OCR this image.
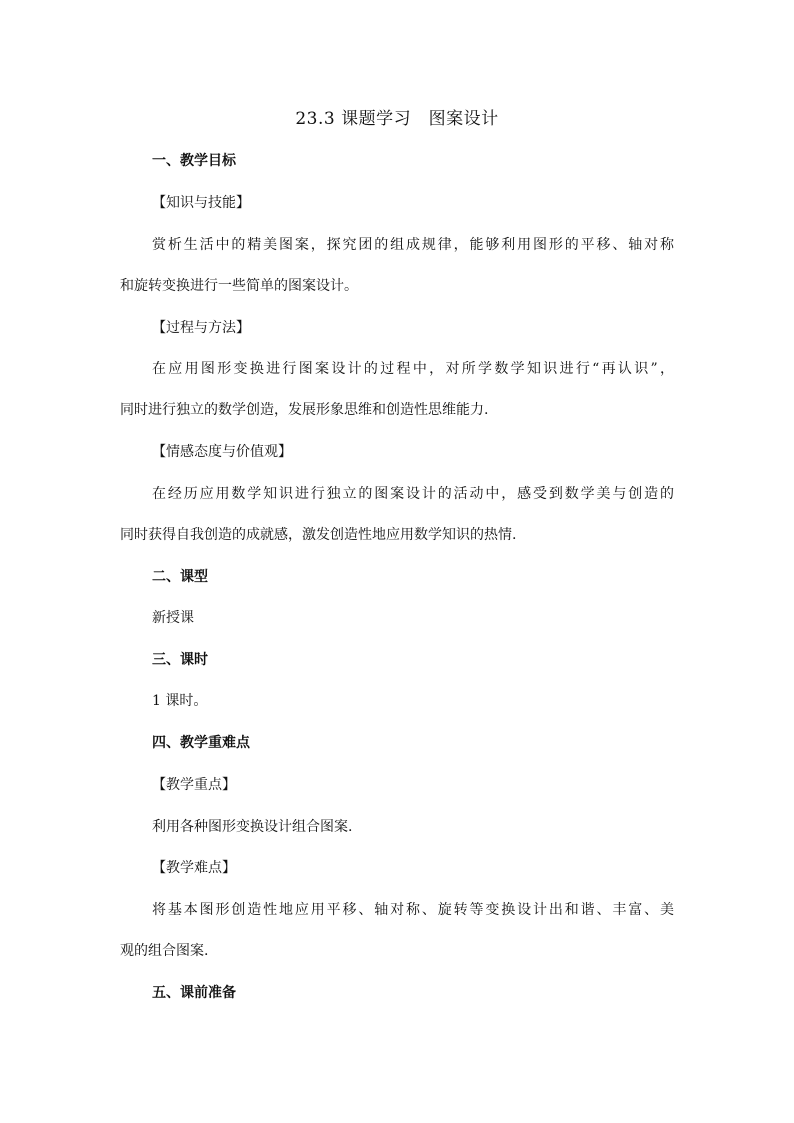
23.3 课题学习　图案设计
一、教学目标
【知识与技能】
赏析生活中的精美图案，探究团的组成规律，能够利用图形的平移、轴对称
和旋转变换进行一些简单的图案设计。
【过程与方法】
在应用图形变换进行图案设计的过程中，对所学数学知识进行“再认识”，
同时进行独立的数学创造，发展形象思维和创造性思维能力.
【情感态度与价值观】
在经历应用数学知识进行独立的图案设计的活动中，感受到数学美与创造的
同时获得自我创造的成就感，激发创造性地应用数学知识的热情.
二、课型
新授课
三、课时
1 课时。
四、教学重难点
【教学重点】
利用各种图形变换设计组合图案.
【教学难点】
将基本图形创造性地应用平移、轴对称、旋转等变换设计出和谐、丰富、美
观的组合图案.
五、课前准备
